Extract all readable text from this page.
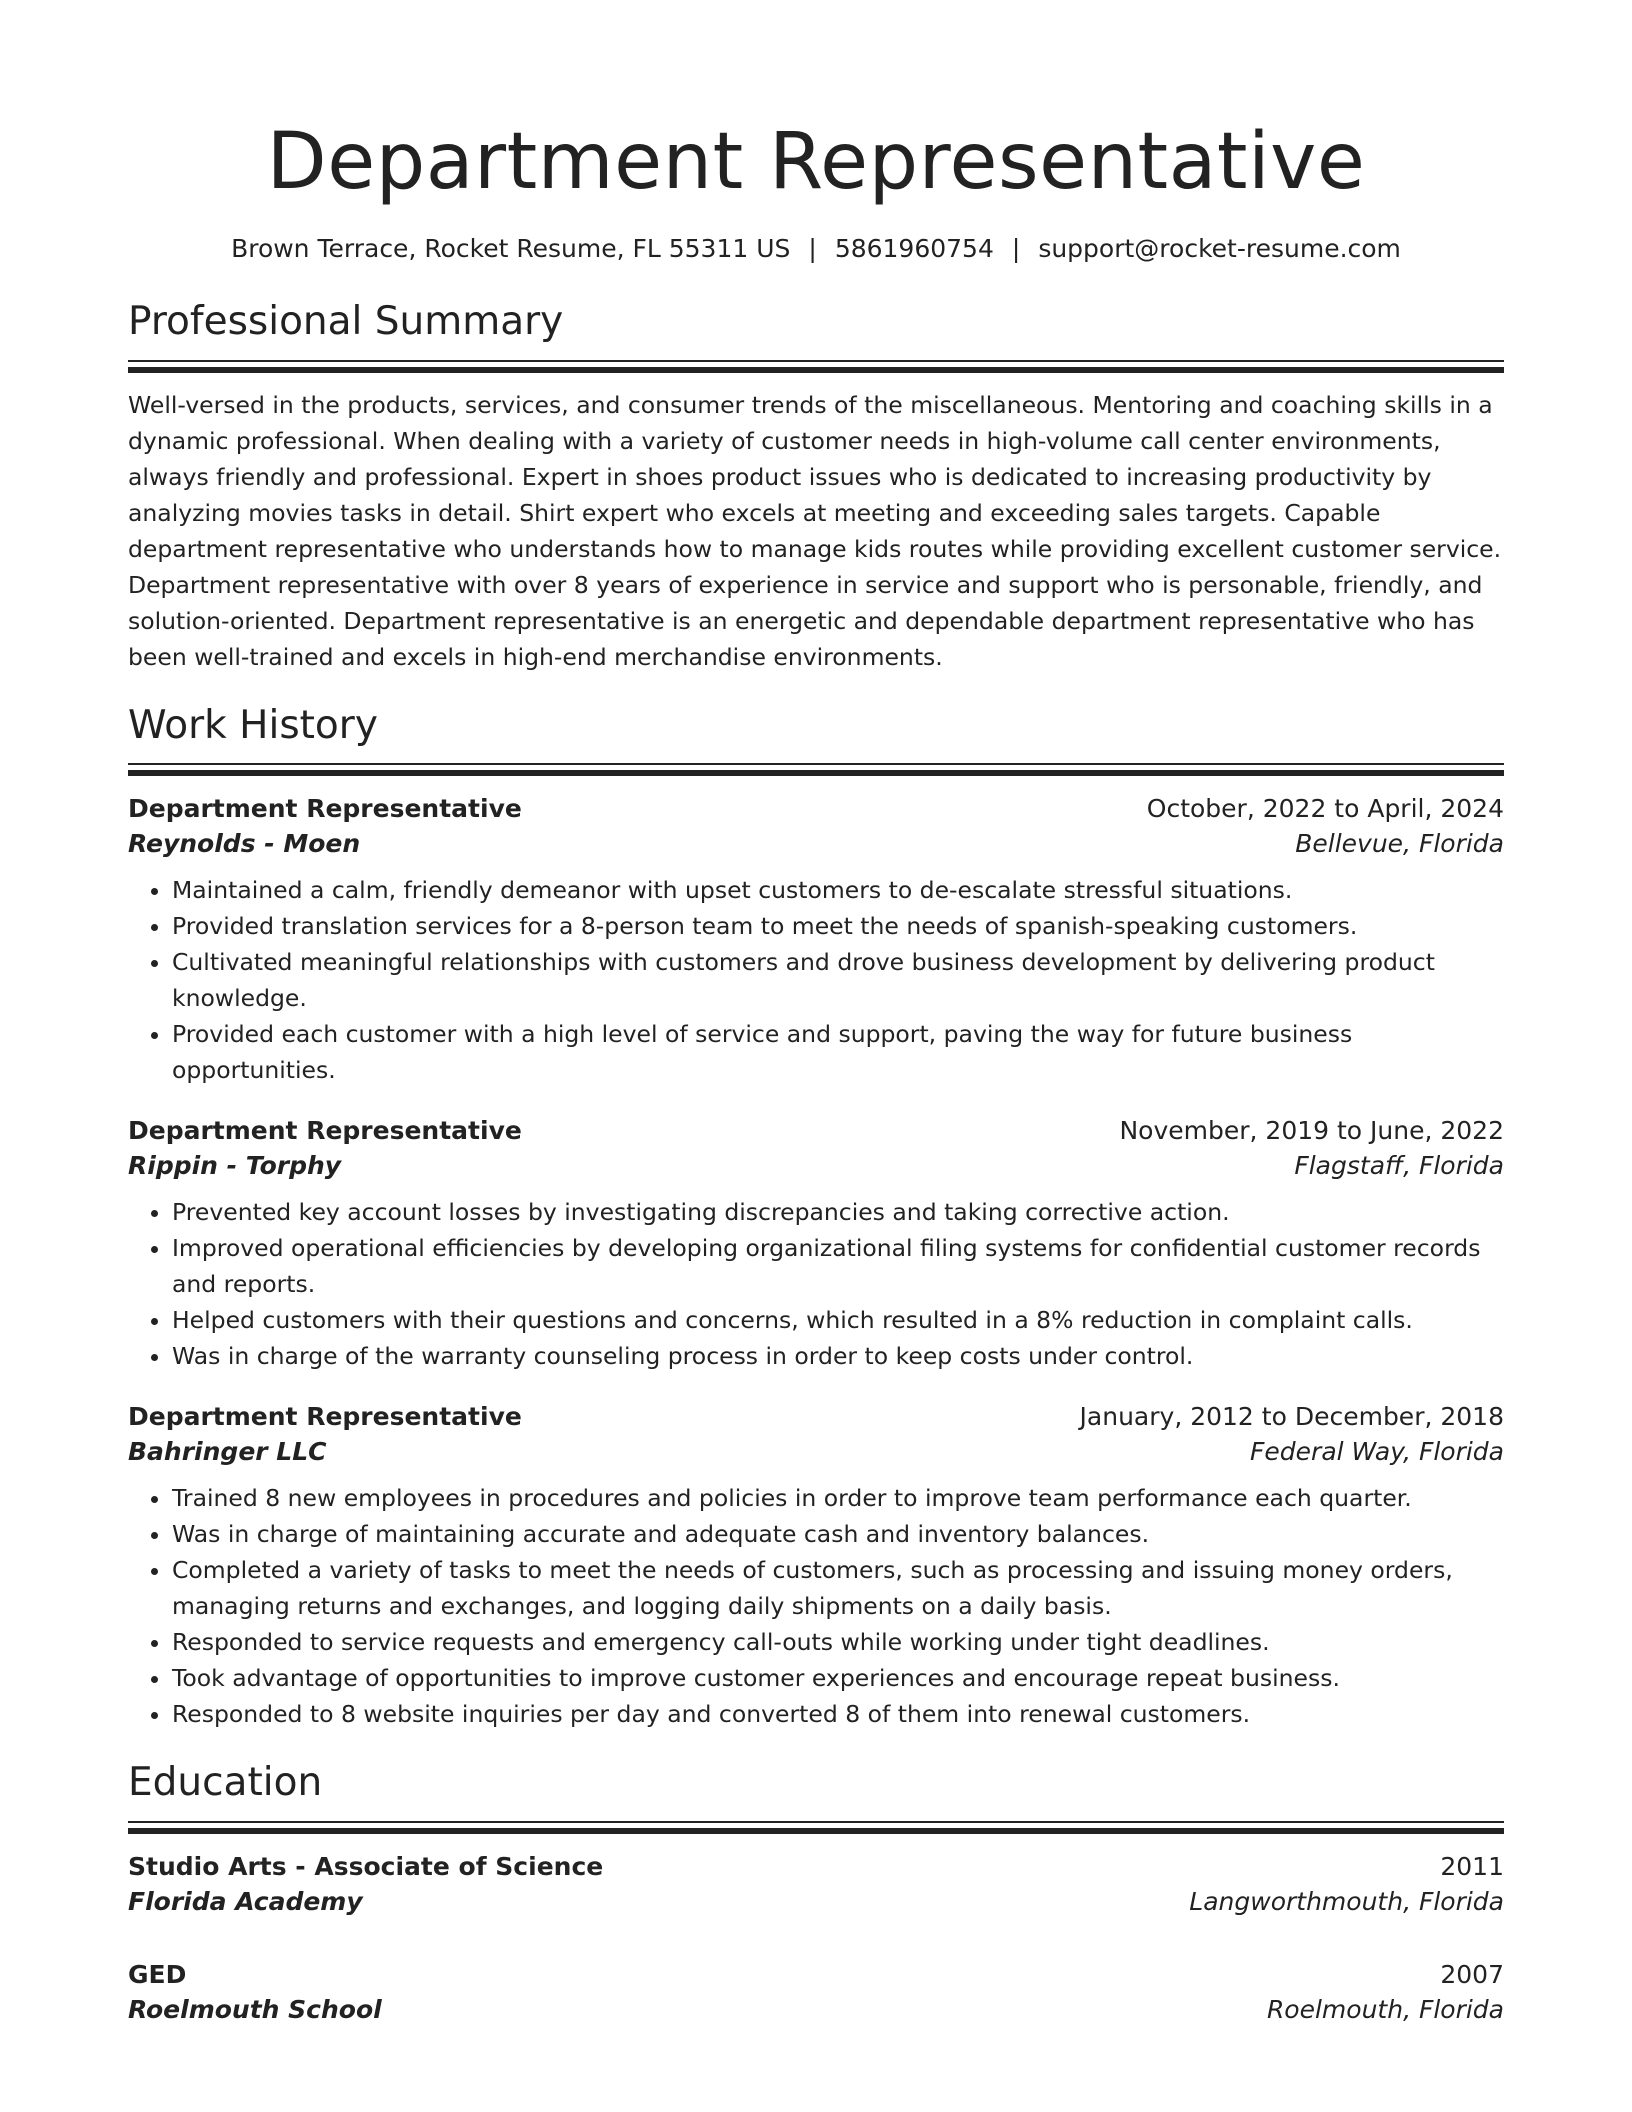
Department Representative
Brown Terrace, Rocket Resume, FL 55311 US | 5861960754 | support@rocket-resume.com
Professional Summary

Well-versed in the products, services, and consumer trends of the miscellaneous. Mentoring and coaching skills in a dynamic professional. When dealing with a variety of customer needs in high-volume call center environments, always friendly and professional. Expert in shoes product issues who is dedicated to increasing productivity by analyzing movies tasks in detail. Shirt expert who excels at meeting and exceeding sales targets. Capable department representative who understands how to manage kids routes while providing excellent customer service. Department representative with over 8 years of experience in service and support who is personable, friendly, and solution-oriented. Department representative is an energetic and dependable department representative who has been well-trained and excels in high-end merchandise environments.

Work History
Department Representative	October, 2022 to April, 2024
Reynolds - Moen	Bellevue, Florida
• Maintained a calm, friendly demeanor with upset customers to de-escalate stressful situations.
• Provided translation services for a 8-person team to meet the needs of spanish-speaking customers.
• Cultivated meaningful relationships with customers and drove business development by delivering product knowledge.
• Provided each customer with a high level of service and support, paving the way for future business opportunities.
Department Representative	November, 2019 to June, 2022
Rippin - Torphy	Flagstaff, Florida
• Prevented key account losses by investigating discrepancies and taking corrective action.
• Improved operational efficiencies by developing organizational filing systems for confidential customer records and reports.
• Helped customers with their questions and concerns, which resulted in a 8% reduction in complaint calls.
• Was in charge of the warranty counseling process in order to keep costs under control.
Department Representative	January, 2012 to December, 2018
Bahringer LLC	Federal Way, Florida
• Trained 8 new employees in procedures and policies in order to improve team performance each quarter.
• Was in charge of maintaining accurate and adequate cash and inventory balances.
• Completed a variety of tasks to meet the needs of customers, such as processing and issuing money orders, managing returns and exchanges, and logging daily shipments on a daily basis.
• Responded to service requests and emergency call-outs while working under tight deadlines.
• Took advantage of opportunities to improve customer experiences and encourage repeat business.
• Responded to 8 website inquiries per day and converted 8 of them into renewal customers.
Education
Studio Arts - Associate of Science	2011
Florida Academy	Langworthmouth, Florida
GED	2007
Roelmouth School	Roelmouth, Florida
